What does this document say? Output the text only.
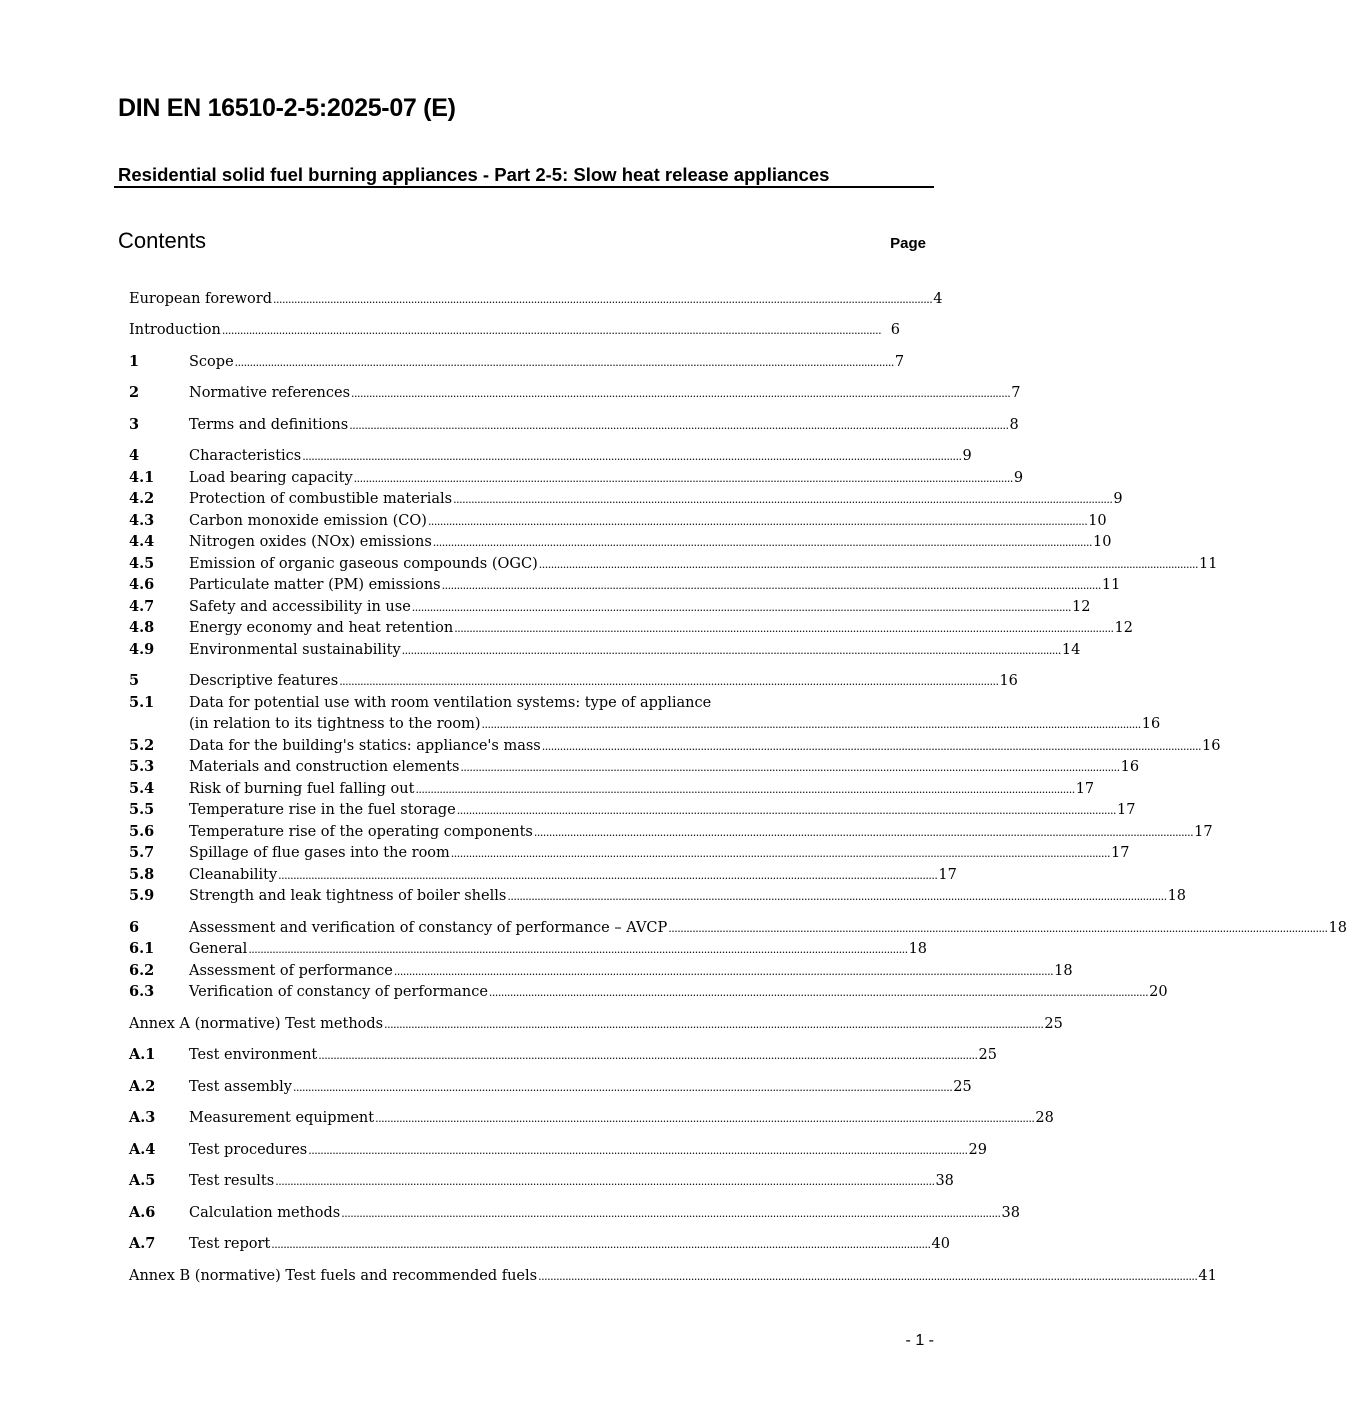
DIN EN 16510-2-5:2025-07 (E)
Residential solid fuel burning appliances - Part 2-5: Slow heat release appliances
Contents	Page
European foreword ............................................................................................................................................................................................................................ 4
Introduction ............................................................................................................................................................................................................................ 6
1	Scope ............................................................................................................................................................................................................................ 7
2	Normative references ............................................................................................................................................................................................................................ 7
3	Terms and definitions ............................................................................................................................................................................................................................ 8
4	Characteristics ............................................................................................................................................................................................................................ 9
4.1	Load bearing capacity ............................................................................................................................................................................................................................ 9
4.2	Protection of combustible materials ............................................................................................................................................................................................................................ 9
4.3	Carbon monoxide emission (CO) ............................................................................................................................................................................................................................ 10
4.4	Nitrogen oxides (NOx) emissions ............................................................................................................................................................................................................................ 10
4.5	Emission of organic gaseous compounds (OGC) ............................................................................................................................................................................................................................ 11
4.6	Particulate matter (PM) emissions ............................................................................................................................................................................................................................ 11
4.7	Safety and accessibility in use ............................................................................................................................................................................................................................ 12
4.8	Energy economy and heat retention ............................................................................................................................................................................................................................ 12
4.9	Environmental sustainability ............................................................................................................................................................................................................................ 14
5	Descriptive features ............................................................................................................................................................................................................................ 16
5.1	Data for potential use with room ventilation systems: type of appliance
(in relation to its tightness to the room) ............................................................................................................................................................................................................................ 16
5.2	Data for the building's statics: appliance's mass ............................................................................................................................................................................................................................ 16
5.3	Materials and construction elements ............................................................................................................................................................................................................................ 16
5.4	Risk of burning fuel falling out ............................................................................................................................................................................................................................ 17
5.5	Temperature rise in the fuel storage ............................................................................................................................................................................................................................ 17
5.6	Temperature rise of the operating components ............................................................................................................................................................................................................................ 17
5.7	Spillage of flue gases into the room ............................................................................................................................................................................................................................ 17
5.8	Cleanability ............................................................................................................................................................................................................................ 17
5.9	Strength and leak tightness of boiler shells ............................................................................................................................................................................................................................ 18
6	Assessment and verification of constancy of performance – AVCP ............................................................................................................................................................................................................................ 18
6.1	General ............................................................................................................................................................................................................................ 18
6.2	Assessment of performance ............................................................................................................................................................................................................................ 18
6.3	Verification of constancy of performance ............................................................................................................................................................................................................................ 20
Annex A (normative) Test methods ............................................................................................................................................................................................................................ 25
A.1	Test environment ............................................................................................................................................................................................................................ 25
A.2	Test assembly ............................................................................................................................................................................................................................ 25
A.3	Measurement equipment ............................................................................................................................................................................................................................ 28
A.4	Test procedures ............................................................................................................................................................................................................................ 29
A.5	Test results ............................................................................................................................................................................................................................ 38
A.6	Calculation methods ............................................................................................................................................................................................................................ 38
A.7	Test report ............................................................................................................................................................................................................................ 40
Annex B (normative) Test fuels and recommended fuels ............................................................................................................................................................................................................................ 41
- 1 -
